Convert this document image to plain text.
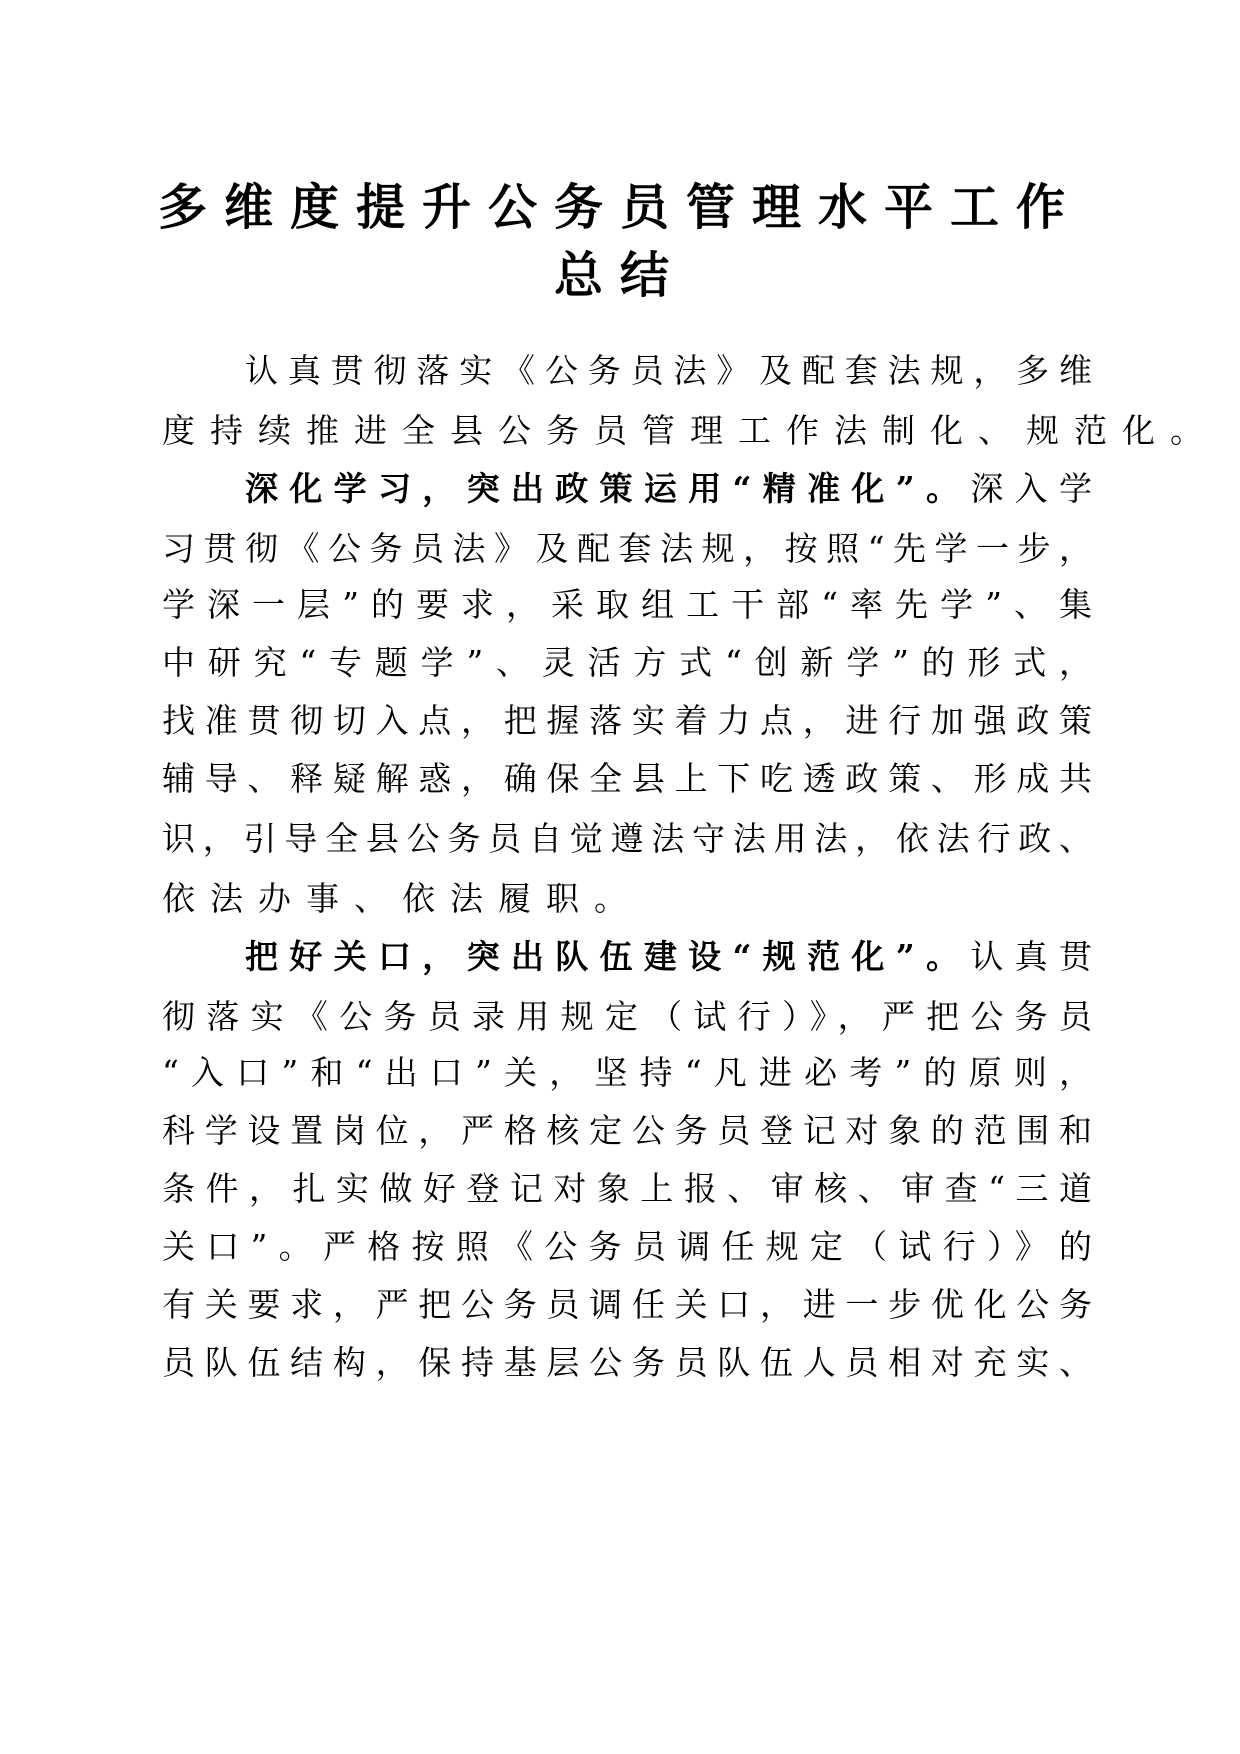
多维度提升公务员管理水平工作
总结

认真贯彻落实《公务员法》及配套法规，多维

度持续推进全县公务员管理工作法制化、规范化。

深化学习，突出政策运用“精准化”。深入学

习贯彻《公务员法》及配套法规，按照“先学一步，

学深一层”的要求，采取组工干部“率先学”、集

中研究“专题学”、灵活方式“创新学”的形式，

找准贯彻切入点，把握落实着力点，进行加强政策

辅导、释疑解惑，确保全县上下吃透政策、形成共

识，引导全县公务员自觉遵法守法用法，依法行政、

依法办事、依法履职。

把好关口，突出队伍建设“规范化”。认真贯

彻落实《公务员录用规定（试行）》，严把公务员

“入口”和“出口”关，坚持“凡进必考”的原则，

科学设置岗位，严格核定公务员登记对象的范围和

条件，扎实做好登记对象上报、审核、审查“三道

关口”。严格按照《公务员调任规定（试行）》的

有关要求，严把公务员调任关口，进一步优化公务

员队伍结构，保持基层公务员队伍人员相对充实、
